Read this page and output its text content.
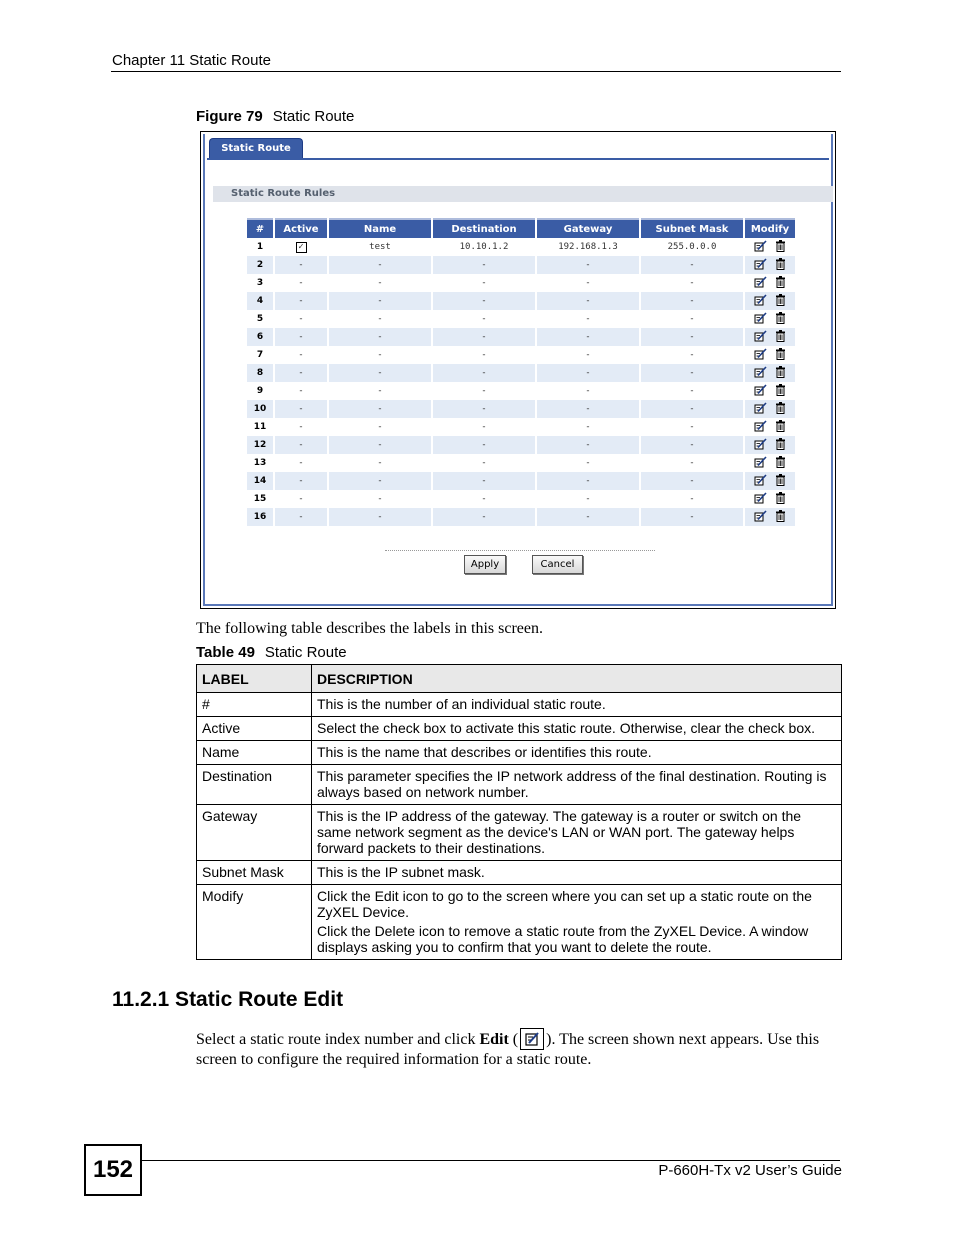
Chapter 11 Static Route
Figure 79 Static Route
Static Route
Static Route Rules
#	Active	Name	Destination	Gateway	Subnet Mask	Modify
1	✓	test	10.10.1.2	192.168.1.3	255.0.0.0	
2	-	-	-	-	-	
3	-	-	-	-	-	
4	-	-	-	-	-	
5	-	-	-	-	-	
6	-	-	-	-	-	
7	-	-	-	-	-	
8	-	-	-	-	-	
9	-	-	-	-	-	
10	-	-	-	-	-	
11	-	-	-	-	-	
12	-	-	-	-	-	
13	-	-	-	-	-	
14	-	-	-	-	-	
15	-	-	-	-	-	
16	-	-	-	-	-	
Apply	Cancel
The following table describes the labels in this screen.
Table 49 Static Route
LABEL	DESCRIPTION
#	This is the number of an individual static route.

Active	Select the check box to activate this static route. Otherwise, clear the check box.

Name	This is the name that describes or identifies this route.

Destination	This parameter specifies the IP network address of the final destination. Routing is always based on network number.

Gateway	This is the IP address of the gateway. The gateway is a router or switch on the same network segment as the device's LAN or WAN port. The gateway helps forward packets to their destinations.

Subnet Mask	This is the IP subnet mask.

Modify	Click the Edit icon to go to the screen where you can set up a static route on the ZyXEL Device.

Click the Delete icon to remove a static route from the ZyXEL Device. A window displays asking you to confirm that you want to delete the route.

11.2.1 Static Route Edit
Select a static route index number and click Edit ( ). The screen shown next appears. Use this screen to configure the required information for a static route.
152	P-660H-Tx v2 User’s Guide
